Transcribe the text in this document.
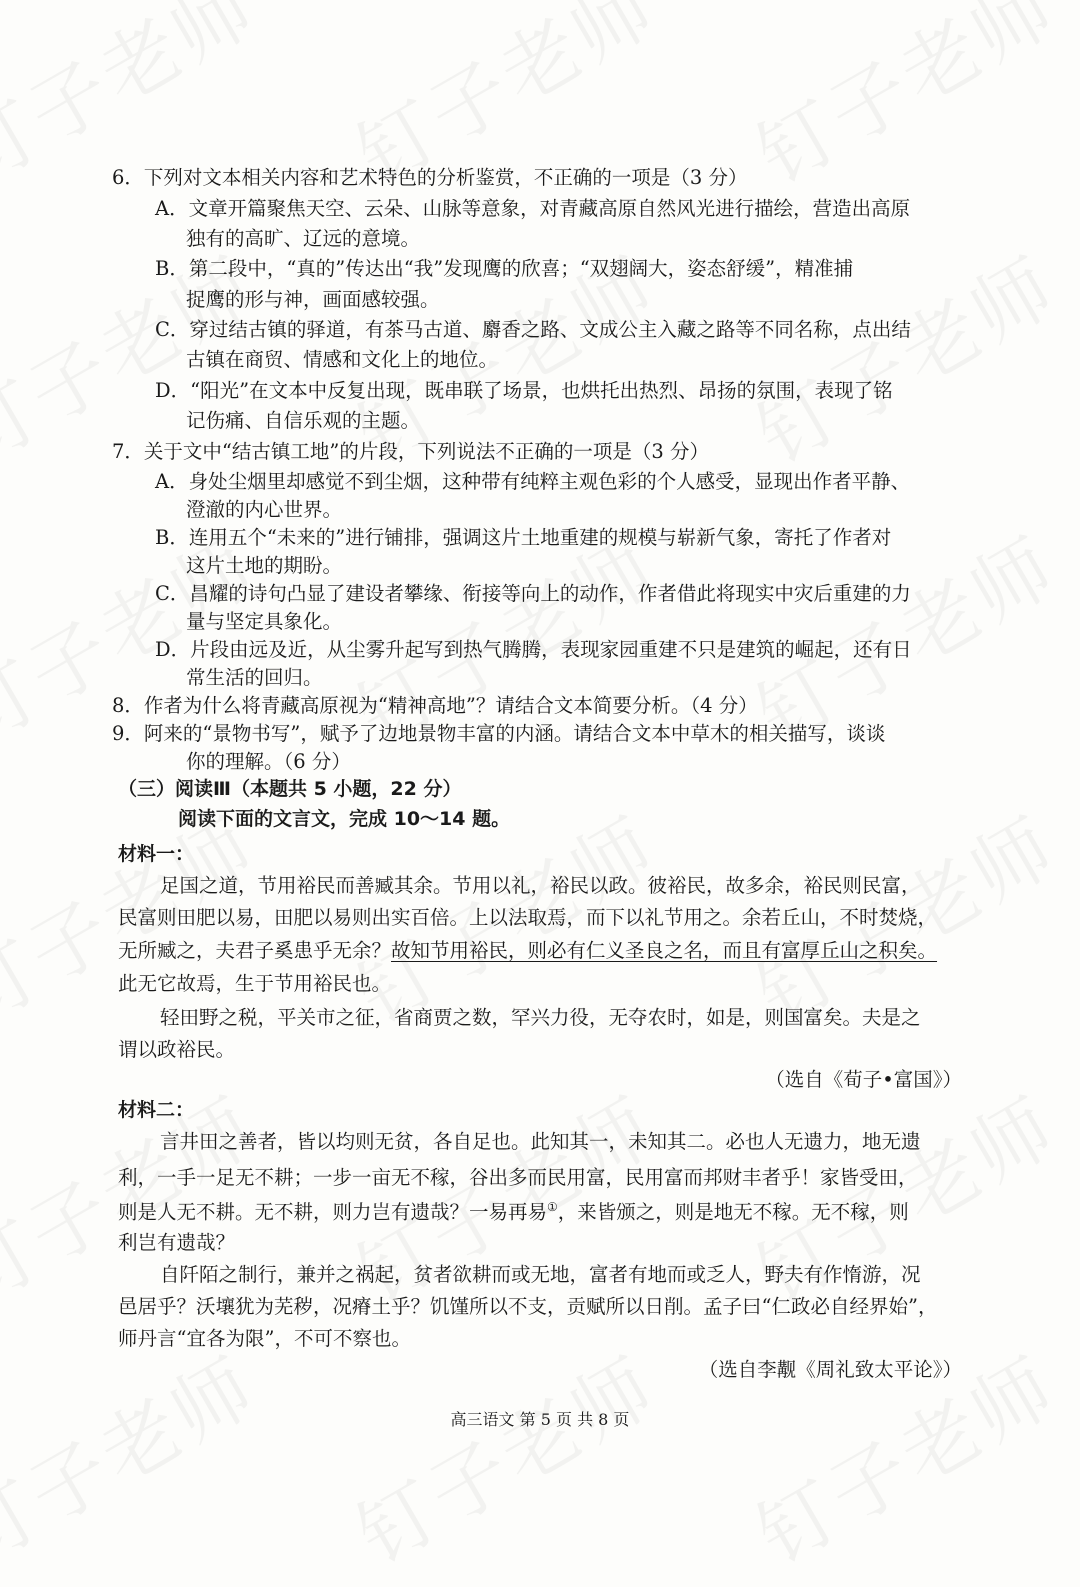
6．下列对文本相关内容和艺术特色的分析鉴赏，不正确的一项是（3 分）
A．文章开篇聚焦天空、云朵、山脉等意象，对青藏高原自然风光进行描绘，营造出高原
独有的高旷、辽远的意境。
B．第二段中，“真的”传达出“我”发现鹰的欣喜；“双翅阔大，姿态舒缓”，精准捕
捉鹰的形与神，画面感较强。
C．穿过结古镇的驿道，有茶马古道、麝香之路、文成公主入藏之路等不同名称，点出结
古镇在商贸、情感和文化上的地位。
D．“阳光”在文本中反复出现，既串联了场景，也烘托出热烈、昂扬的氛围，表现了铭
记伤痛、自信乐观的主题。
7．关于文中“结古镇工地”的片段，下列说法不正确的一项是（3 分）
A．身处尘烟里却感觉不到尘烟，这种带有纯粹主观色彩的个人感受，显现出作者平静、
澄澈的内心世界。
B．连用五个“未来的”进行铺排，强调这片土地重建的规模与崭新气象，寄托了作者对
这片土地的期盼。
C．昌耀的诗句凸显了建设者攀缘、衔接等向上的动作，作者借此将现实中灾后重建的力
量与坚定具象化。
D．片段由远及近，从尘雾升起写到热气腾腾，表现家园重建不只是建筑的崛起，还有日
常生活的回归。
8．作者为什么将青藏高原视为“精神高地”？请结合文本简要分析。（4 分）
9．阿来的“景物书写”，赋予了边地景物丰富的内涵。请结合文本中草木的相关描写，谈谈
你的理解。（6 分）
（三）阅读Ⅲ（本题共 5 小题，22 分）
阅读下面的文言文，完成 10～14 题。
材料一：
足国之道，节用裕民而善臧其余。节用以礼，裕民以政。彼裕民，故多余，裕民则民富，
民富则田肥以易，田肥以易则出实百倍。上以法取焉，而下以礼节用之。余若丘山，不时焚烧，
无所臧之，夫君子奚患乎无余？故知节用裕民，则必有仁义圣良之名，而且有富厚丘山之积矣。
此无它故焉，生于节用裕民也。
轻田野之税，平关市之征，省商贾之数，罕兴力役，无夺农时，如是，则国富矣。夫是之
谓以政裕民。
（选自《荀子•富国》）
材料二：
言井田之善者，皆以均则无贫，各自足也。此知其一，未知其二。必也人无遗力，地无遗
利，一手一足无不耕；一步一亩无不稼，谷出多而民用富，民用富而邦财丰者乎！家皆受田，
则是人无不耕。无不耕，则力岂有遗哉？一易再易①，来皆颁之，则是地无不稼。无不稼，则
利岂有遗哉？
自阡陌之制行，兼并之祸起，贫者欲耕而或无地，富者有地而或乏人，野夫有作惰游，况
邑居乎？沃壤犹为芜秽，况瘠土乎？饥馑所以不支，贡赋所以日削。孟子曰“仁政必自经界始”，
师丹言“宜各为限”，不可不察也。
（选自李觏《周礼致太平论》）
高三语文 第 5 页 共 8 页
